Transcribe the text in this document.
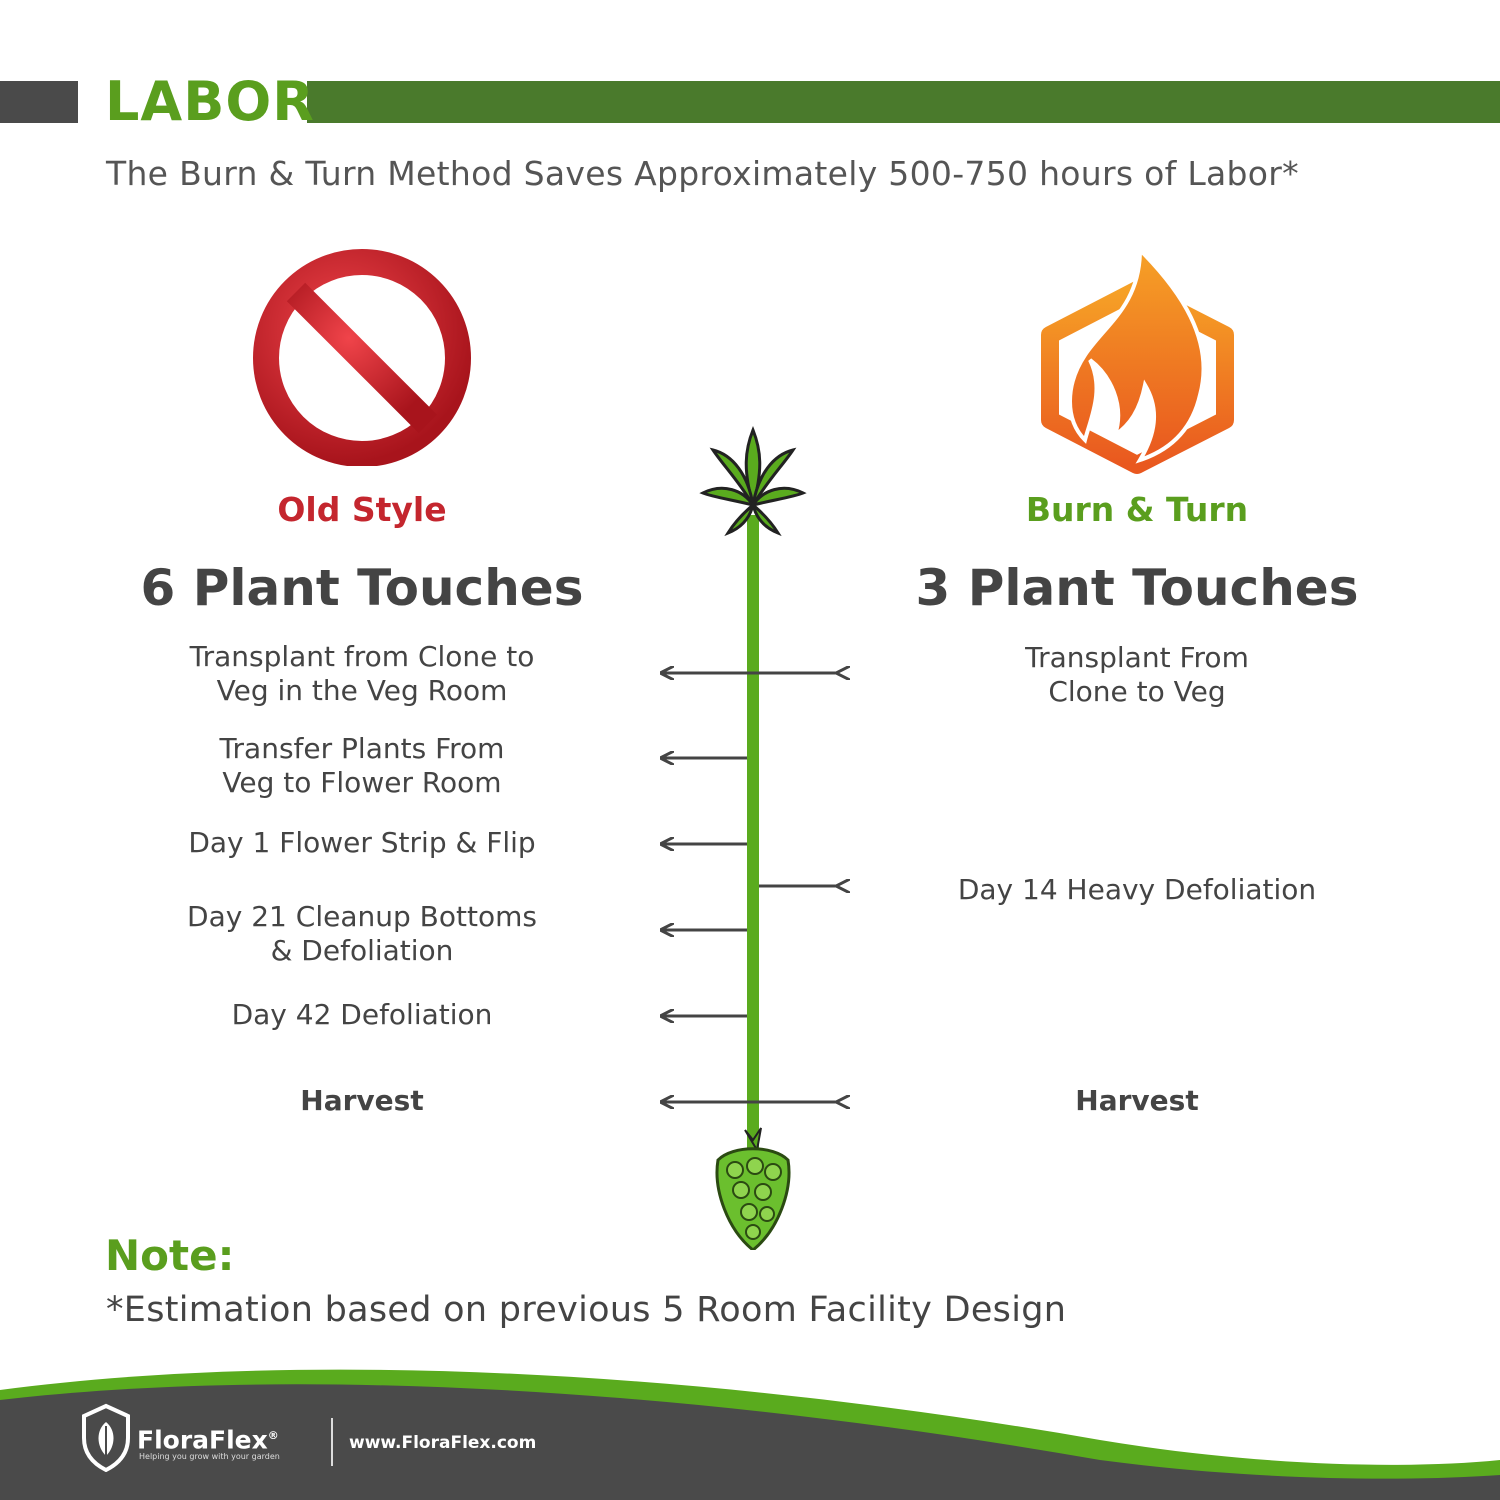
LABOR
The Burn & Turn Method Saves Approximately 500-750 hours of Labor*
Old Style	Burn & Turn
6 Plant Touches	3 Plant Touches
Transplant from Clone to
Veg in the Veg Room
Transfer Plants From
Veg to Flower Room
Day 1 Flower Strip & Flip
Day 21 Cleanup Bottoms
& Defoliation
Day 42 Defoliation
Harvest
Transplant From
Clone to Veg
Day 14 Heavy Defoliation
Harvest
Note:
*Estimation based on previous 5 Room Facility Design
FloraFlex®
Helping you grow with your garden
www.FloraFlex.com
